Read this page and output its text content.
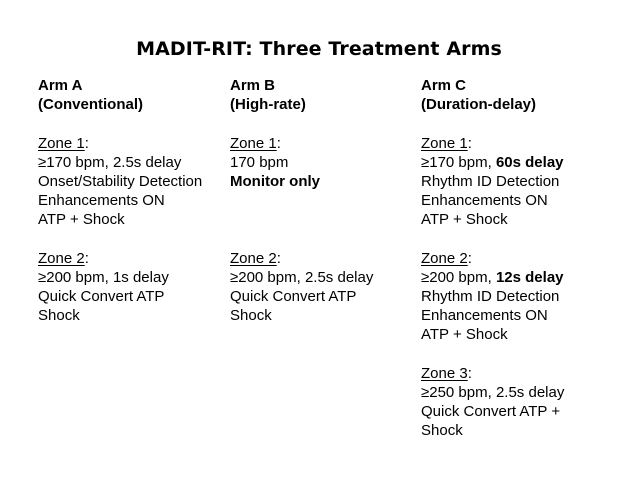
MADIT-RIT: Three Treatment Arms
Arm A
(Conventional)
Zone 1:
≥170 bpm, 2.5s delay
Onset/Stability Detection
Enhancements ON
ATP + Shock
Zone 2:
≥200 bpm, 1s delay
Quick Convert ATP
Shock
Arm B
(High-rate)
Zone 1:
170 bpm
Monitor only
Zone 2:
≥200 bpm, 2.5s delay
Quick Convert ATP
Shock
Arm C
(Duration-delay)
Zone 1:
≥170 bpm, 60s delay
Rhythm ID Detection
Enhancements ON
ATP + Shock
Zone 2:
≥200 bpm, 12s delay
Rhythm ID Detection
Enhancements ON
ATP + Shock
Zone 3:
≥250 bpm, 2.5s delay
Quick Convert ATP +
Shock
